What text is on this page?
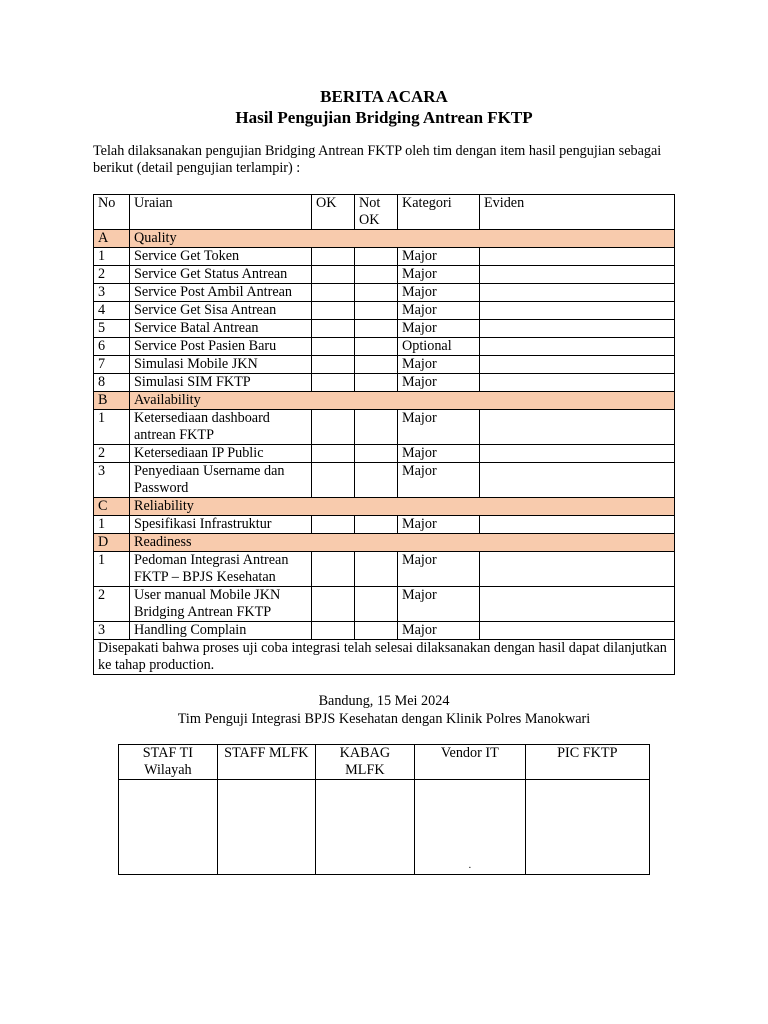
BERITA ACARA
Hasil Pengujian Bridging Antrean FKTP
Telah dilaksanakan pengujian Bridging Antrean FKTP oleh tim dengan item hasil pengujian sebagai berikut (detail pengujian terlampir) :
No	Uraian	OK	Not OK	Kategori	Eviden
A	Quality				
1	Service Get Token			Major	
2	Service Get Status Antrean			Major	
3	Service Post Ambil Antrean			Major	
4	Service Get Sisa Antrean			Major	
5	Service Batal Antrean			Major	
6	Service Post Pasien Baru			Optional	
7	Simulasi Mobile JKN			Major	
8	Simulasi SIM FKTP			Major	
B	Availability				
1	Ketersediaan dashboard antrean FKTP			Major	
2	Ketersediaan IP Public			Major	
3	Penyediaan Username dan Password			Major	
C	Reliability				
1	Spesifikasi Infrastruktur			Major	
D	Readiness				
1	Pedoman Integrasi Antrean FKTP – BPJS Kesehatan			Major	
2	User manual Mobile JKN Bridging Antrean FKTP			Major	
3	Handling Complain			Major	
Disepakati bahwa proses uji coba integrasi telah selesai dilaksanakan dengan hasil dapat dilanjutkan ke tahap production.					
Bandung, 15 Mei 2024
Tim Penguji Integrasi BPJS Kesehatan dengan Klinik Polres Manokwari
STAF TI Wilayah	STAFF MLFK	KABAG MLFK	Vendor IT	PIC FKTP
			.	
